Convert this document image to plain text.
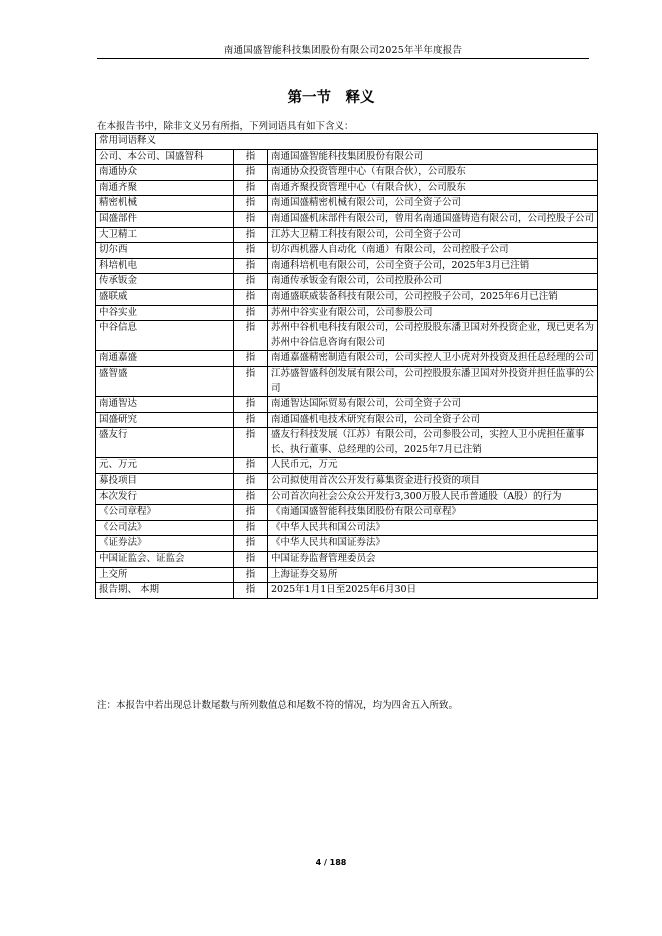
南通国盛智能科技集团股份有限公司2025年半年度报告
第一节　释义
在本报告书中，除非文义另有所指，下列词语具有如下含义：
常用词语释义		
公司、本公司、国盛智科	指	南通国盛智能科技集团股份有限公司
南通协众	指	南通协众投资管理中心（有限合伙），公司股东
南通齐聚	指	南通齐聚投资管理中心（有限合伙），公司股东
精密机械	指	南通国盛精密机械有限公司，公司全资子公司
国盛部件	指	南通国盛机床部件有限公司，曾用名南通国盛铸造有限公司，公司控股子公司
大卫精工	指	江苏大卫精工科技有限公司，公司全资子公司
切尔西	指	切尔西机器人自动化（南通）有限公司，公司控股子公司
科培机电	指	南通科培机电有限公司，公司全资子公司，2025年3月已注销
传承钣金	指	南通传承钣金有限公司，公司控股孙公司
盛联威	指	南通盛联威装备科技有限公司，公司控股子公司，2025年6月已注销
中谷实业	指	苏州中谷实业有限公司，公司参股公司
中谷信息	指	苏州中谷机电科技有限公司，公司控股股东潘卫国对外投资企业，现已更名为苏州中谷信息咨询有限公司
南通嘉盛	指	南通嘉盛精密制造有限公司，公司实控人卫小虎对外投资及担任总经理的公司
盛智盛	指	江苏盛智盛科创发展有限公司，公司控股股东潘卫国对外投资并担任监事的公司
南通智达	指	南通智达国际贸易有限公司，公司全资子公司
国盛研究	指	南通国盛机电技术研究有限公司，公司全资子公司
盛友行	指	盛友行科技发展（江苏）有限公司，公司参股公司，实控人卫小虎担任董事长、执行董事、总经理的公司，2025年7月已注销
元、万元	指	人民币元，万元
募投项目	指	公司拟使用首次公开发行募集资金进行投资的项目
本次发行	指	公司首次向社会公众公开发行3,300万股人民币普通股（A股）的行为
《公司章程》	指	《南通国盛智能科技集团股份有限公司章程》
《公司法》	指	《中华人民共和国公司法》
《证券法》	指	《中华人民共和国证券法》
中国证监会、证监会	指	中国证券监督管理委员会
上交所	指	上海证券交易所
报告期、 本期	指	2025年1月1日至2025年6月30日
注：本报告中若出现总计数尾数与所列数值总和尾数不符的情况，均为四舍五入所致。
4 / 188
